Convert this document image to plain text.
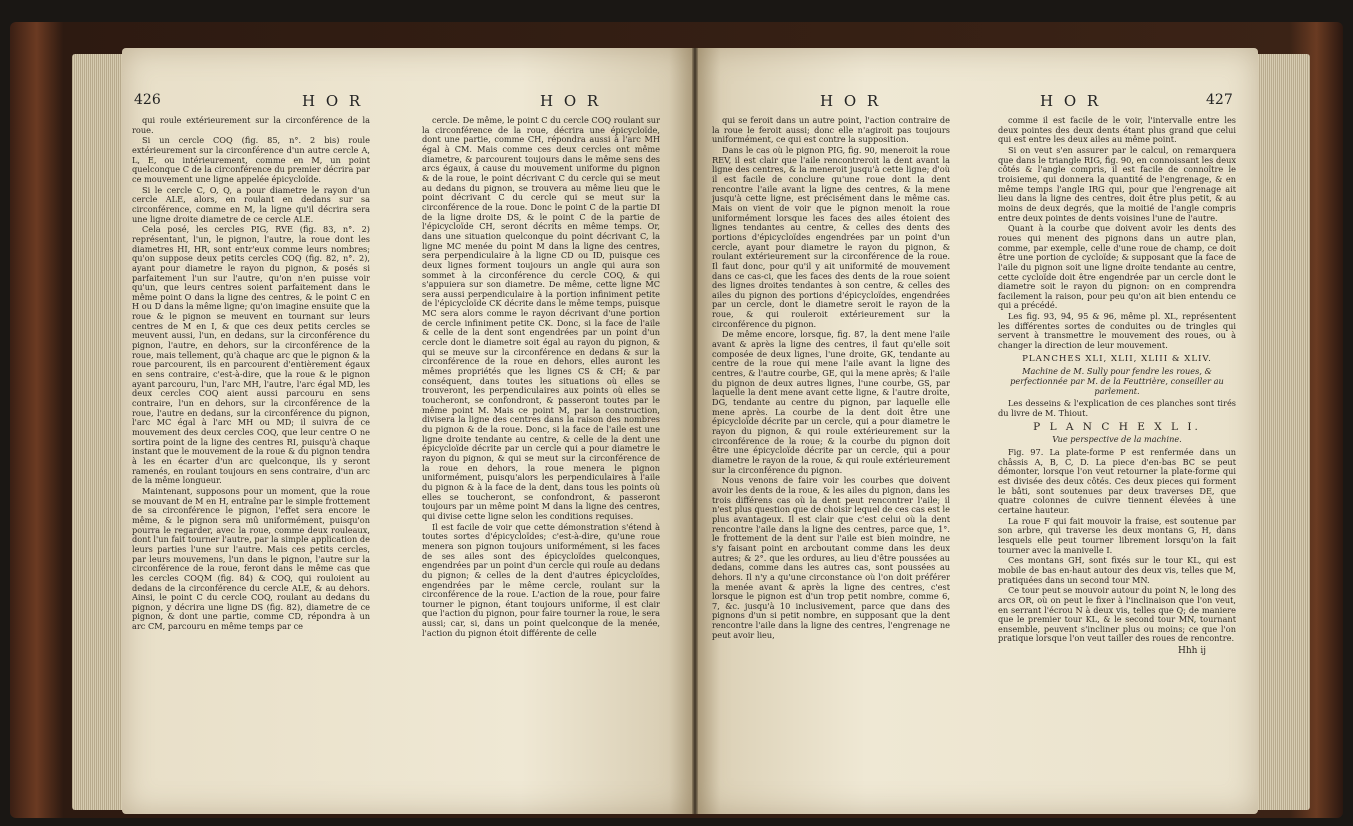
426	H O R	H O R

qui roule extérieurement sur la circonférence de la roue.

Si un cercle COQ (fig. 85, n°. 2 bis) roule extérieurement sur la circonférence d'un autre cercle A, L, E, ou intérieurement, comme en M, un point quelconque C de la circonférence du premier décrira par ce mouvement une ligne appelée épicycloïde.

Si le cercle C, O, Q, a pour diametre le rayon d'un cercle ALE, alors, en roulant en dedans sur sa circonférence, comme en M, la ligne qu'il décrira sera une ligne droite diametre de ce cercle ALE.

Cela posé, les cercles PIG, RVE (fig. 83, n°. 2) représentant, l'un, le pignon, l'autre, la roue dont les diametres HI, HR, sont entr'eux comme leurs nombres; qu'on suppose deux petits cercles COQ (fig. 82, n°. 2), ayant pour diametre le rayon du pignon, & posés si parfaitement l'un sur l'autre, qu'on n'en puisse voir qu'un, que leurs centres soient parfaitement dans le même point O dans la ligne des centres, & le point C en H ou D dans la même ligne; qu'on imagine ensuite que la roue & le pignon se meuvent en tournant sur leurs centres de M en I, & que ces deux petits cercles se meuvent aussi, l'un, en dedans, sur la circonférence du pignon, l'autre, en dehors, sur la circonférence de la roue, mais tellement, qu'à chaque arc que le pignon & la roue parcourent, ils en parcourent d'entièrement égaux en sens contraire, c'est-à-dire, que la roue & le pignon ayant parcouru, l'un, l'arc MH, l'autre, l'arc égal MD, les deux cercles COQ aient aussi parcouru en sens contraire, l'un en dehors, sur la circonférence de la roue, l'autre en dedans, sur la circonférence du pignon, l'arc MC égal à l'arc MH ou MD; il suivra de ce mouvement des deux cercles COQ, que leur centre O ne sortira point de la ligne des centres RI, puisqu'à chaque instant que le mouvement de la roue & du pignon tendra à les en écarter d'un arc quelconque, ils y seront ramenés, en roulant toujours en sens contraire, d'un arc de la même longueur.

Maintenant, supposons pour un moment, que la roue se mouvant de M en H, entraîne par le simple frottement de sa circonférence le pignon, l'effet sera encore le même, & le pignon sera mû uniformément, puisqu'on pourra le regarder, avec la roue, comme deux rouleaux, dont l'un fait tourner l'autre, par la simple application de leurs parties l'une sur l'autre. Mais ces petits cercles, par leurs mouvemens, l'un dans le pignon, l'autre sur la circonférence de la roue, feront dans le même cas que les cercles COQM (fig. 84) & COQ, qui rouloient au dedans de la circonférence du cercle ALE, & au dehors. Ainsi, le point C du cercle COQ, roulant au dedans du pignon, y décrira une ligne DS (fig. 82), diametre de ce pignon, & dont une partie, comme CD, répondra à un arc CM, parcouru en même temps par ce

cercle. De même, le point C du cercle COQ roulant sur la circonférence de la roue, décrira une épicycloïde, dont une partie, comme CH, répondra aussi à l'arc MH égal à CM. Mais comme ces deux cercles ont même diametre, & parcourent toujours dans le même sens des arcs égaux, à cause du mouvement uniforme du pignon & de la roue, le point décrivant C du cercle qui se meut au dedans du pignon, se trouvera au même lieu que le point décrivant C du cercle qui se meut sur la circonférence de la roue. Donc le point C de la partie DI de la ligne droite DS, & le point C de la partie de l'épicycloïde CH, seront décrits en même temps. Or, dans une situation quelconque du point décrivant C, la ligne MC menée du point M dans la ligne des centres, sera perpendiculaire à la ligne CD ou ID, puisque ces deux lignes forment toujours un angle qui aura son sommet à la circonférence du cercle COQ, & qui s'appuiera sur son diametre. De même, cette ligne MC sera aussi perpendiculaire à la portion infiniment petite de l'épicycloïde CK décrite dans le même temps, puisque MC sera alors comme le rayon décrivant d'une portion de cercle infiniment petite CK. Donc, si la face de l'aile & celle de la dent sont engendrées par un point d'un cercle dont le diametre soit égal au rayon du pignon, & qui se meuve sur la circonférence en dedans & sur la circonférence de la roue en dehors, elles auront les mêmes propriétés que les lignes CS & CH; & par conséquent, dans toutes les situations où elles se trouveront, les perpendiculaires aux points où elles se toucheront, se confondront, & passeront toutes par le même point M. Mais ce point M, par la construction, divisera la ligne des centres dans la raison des nombres du pignon & de la roue. Donc, si la face de l'aile est une ligne droite tendante au centre, & celle de la dent une épicycloïde décrite par un cercle qui a pour diametre le rayon du pignon, & qui se meut sur la circonférence de la roue en dehors, la roue menera le pignon uniformément, puisqu'alors les perpendiculaires à l'aile du pignon & à la face de la dent, dans tous les points où elles se toucheront, se confondront, & passeront toujours par un même point M dans la ligne des centres, qui divise cette ligne selon les conditions requises.

Il est facile de voir que cette démonstration s'étend à toutes sortes d'épicycloïdes; c'est-à-dire, qu'une roue menera son pignon toujours uniformément, si les faces de ses ailes sont des épicycloïdes quelconques, engendrées par un point d'un cercle qui roule au dedans du pignon; & celles de la dent d'autres épicycloïdes, engendrées par le même cercle, roulant sur la circonférence de la roue. L'action de la roue, pour faire tourner le pignon, étant toujours uniforme, il est clair que l'action du pignon, pour faire tourner la roue, le sera aussi; car, si, dans un point quelconque de la menée, l'action du pignon étoit différente de celle

H O R	H O R	427

qui se feroit dans un autre point, l'action contraire de la roue le feroit aussi; donc elle n'agiroit pas toujours uniformément, ce qui est contre la supposition.

Dans le cas où le pignon PIG, fig. 90, meneroit la roue REV, il est clair que l'aile rencontreroit la dent avant la ligne des centres, & la meneroit jusqu'à cette ligne; d'où il est facile de conclure qu'une roue dont la dent rencontre l'aile avant la ligne des centres, & la mene jusqu'à cette ligne, est précisément dans le même cas. Mais on vient de voir que le pignon menoit la roue uniformément lorsque les faces des ailes étoient des lignes tendantes au centre, & celles des dents des portions d'épicycloïdes engendrées par un point d'un cercle, ayant pour diametre le rayon du pignon, & roulant extérieurement sur la circonférence de la roue. Il faut donc, pour qu'il y ait uniformité de mouvement dans ce cas-ci, que les faces des dents de la roue soient des lignes droites tendantes à son centre, & celles des ailes du pignon des portions d'épicycloïdes, engendrées par un cercle, dont le diametre seroit le rayon de la roue, & qui rouleroit extérieurement sur la circonférence du pignon.

De même encore, lorsque, fig. 87, la dent mene l'aile avant & après la ligne des centres, il faut qu'elle soit composée de deux lignes, l'une droite, GK, tendante au centre de la roue qui mene l'aile avant la ligne des centres, & l'autre courbe, GE, qui la mene après; & l'aile du pignon de deux autres lignes, l'une courbe, GS, par laquelle la dent mene avant cette ligne, & l'autre droite, DG, tendante au centre du pignon, par laquelle elle mene après. La courbe de la dent doit être une épicycloïde décrite par un cercle, qui a pour diametre le rayon du pignon, & qui roule extérieurement sur la circonférence de la roue; & la courbe du pignon doit être une épicycloïde décrite par un cercle, qui a pour diametre le rayon de la roue, & qui roule extérieurement sur la circonférence du pignon.

Nous venons de faire voir les courbes que doivent avoir les dents de la roue, & les ailes du pignon, dans les trois différens cas où la dent peut rencontrer l'aile; il n'est plus question que de choisir lequel de ces cas est le plus avantageux. Il est clair que c'est celui où la dent rencontre l'aile dans la ligne des centres, parce que, 1°. le frottement de la dent sur l'aile est bien moindre, ne s'y faisant point en arcboutant comme dans les deux autres; & 2°. que les ordures, au lieu d'être poussées au dedans, comme dans les autres cas, sont poussées au dehors. Il n'y a qu'une circonstance où l'on doit préférer la menée avant & après la ligne des centres, c'est lorsque le pignon est d'un trop petit nombre, comme 6, 7, &c. jusqu'à 10 inclusivement, parce que dans des pignons d'un si petit nombre, en supposant que la dent rencontre l'aile dans la ligne des centres, l'engrenage ne peut avoir lieu,

comme il est facile de le voir, l'intervalle entre les deux pointes des deux dents étant plus grand que celui qui est entre les deux ailes au même point.

Si on veut s'en assurer par le calcul, on remarquera que dans le triangle RIG, fig. 90, en connoissant les deux côtés & l'angle compris, il est facile de connoître le troisieme, qui donnera la quantité de l'engrenage, & en même temps l'angle IRG qui, pour que l'engrenage ait lieu dans la ligne des centres, doit être plus petit, & au moins de deux degrés, que la moitié de l'angle compris entre deux pointes de dents voisines l'une de l'autre.

Quant à la courbe que doivent avoir les dents des roues qui menent des pignons dans un autre plan, comme, par exemple, celle d'une roue de champ, ce doit être une portion de cycloïde; & supposant que la face de l'aile du pignon soit une ligne droite tendante au centre, cette cycloïde doit être engendrée par un cercle dont le diametre soit le rayon du pignon: on en comprendra facilement la raison, pour peu qu'on ait bien entendu ce qui a précédé.

Les fig. 93, 94, 95 & 96, même pl. XL, représentent les différentes sortes de conduites ou de tringles qui servent à transmettre le mouvement des roues, ou à changer la direction de leur mouvement.

PLANCHES XLI, XLII, XLIII & XLIV.

Machine de M. Sully pour fendre les roues, & perfectionnée par M. de la Feuttrière, conseiller au parlement.

Les desseins & l'explication de ces planches sont tirés du livre de M. Thiout.

P L A N C H E X L I.

Vue perspective de la machine.

Fig. 97. La plate-forme P est renfermée dans un châssis A, B, C, D. La piece d'en-bas BC se peut démonter, lorsque l'on veut retourner la plate-forme qui est divisée des deux côtés. Ces deux pieces qui forment le bâti, sont soutenues par deux traverses DE, que quatre colonnes de cuivre tiennent élevées à une certaine hauteur.

La roue F qui fait mouvoir la fraise, est soutenue par son arbre, qui traverse les deux montans G, H, dans lesquels elle peut tourner librement lorsqu'on la fait tourner avec la manivelle I.

Ces montans GH, sont fixés sur le tour KL, qui est mobile de bas en-haut autour des deux vis, telles que M, pratiquées dans un second tour MN.

Ce tour peut se mouvoir autour du point N, le long des arcs OR, où on peut le fixer à l'inclinaison que l'on veut, en serrant l'écrou N à deux vis, telles que Q; de maniere que le premier tour KL, & le second tour MN, tournant ensemble, peuvent s'incliner plus ou moins; ce que l'on pratique lorsque l'on veut tailler des roues de rencontre.

Hhh ij
